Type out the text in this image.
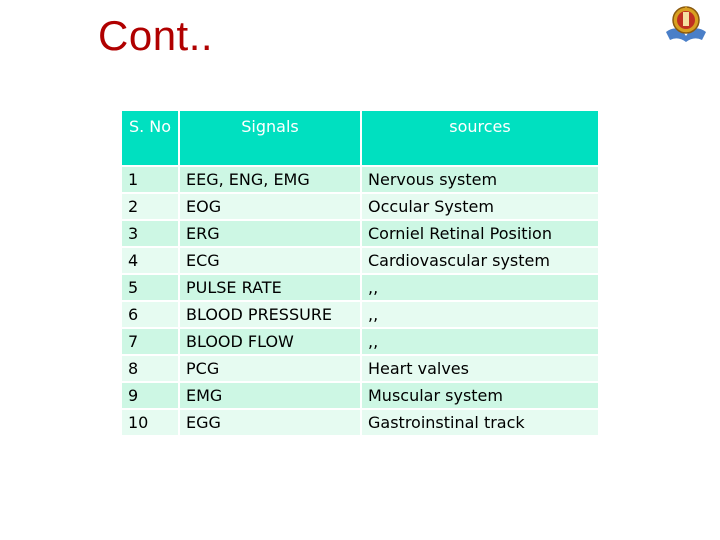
Cont..
S. No	Signals	sources
1	EEG, ENG, EMG	Nervous system
2	EOG	Occular System
3	ERG	Corniel Retinal Position
4	ECG	Cardiovascular system
5	PULSE RATE	,,
6	BLOOD PRESSURE	,,
7	BLOOD FLOW	,,
8	PCG	Heart valves
9	EMG	Muscular system
10	EGG	Gastroinstinal track
